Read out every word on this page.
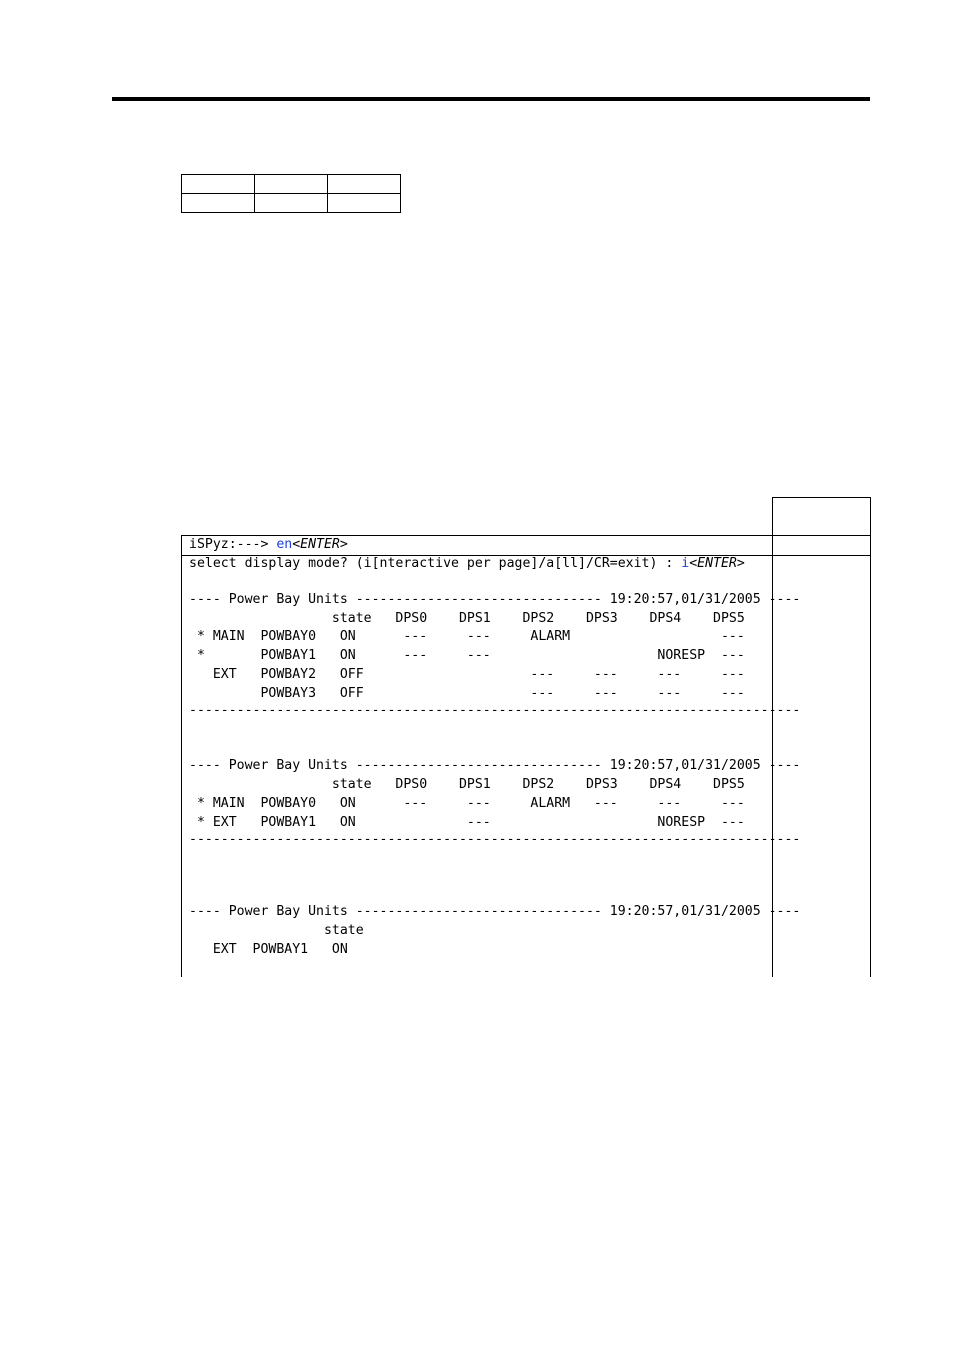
iSPyz:---> en<ENTER>
select display mode? (i[nteractive per page]/a[ll]/CR=exit) : i<ENTER>
---- Power Bay Units ------------------------------- 19:20:57,01/31/2005 ----
state   DPS0    DPS1    DPS2    DPS3    DPS4    DPS5
* MAIN  POWBAY0   ON      ---     ---     ALARM                   ---
*       POWBAY1   ON      ---     ---                     NORESP  ---
EXT   POWBAY2   OFF                     ---     ---     ---     ---
POWBAY3   OFF                     ---     ---     ---     ---
-----------------------------------------------------------------------------
---- Power Bay Units ------------------------------- 19:20:57,01/31/2005 ----
state   DPS0    DPS1    DPS2    DPS3    DPS4    DPS5
* MAIN  POWBAY0   ON      ---     ---     ALARM   ---     ---     ---
* EXT   POWBAY1   ON              ---                     NORESP  ---
-----------------------------------------------------------------------------
---- Power Bay Units ------------------------------- 19:20:57,01/31/2005 ----
state
EXT  POWBAY1   ON
